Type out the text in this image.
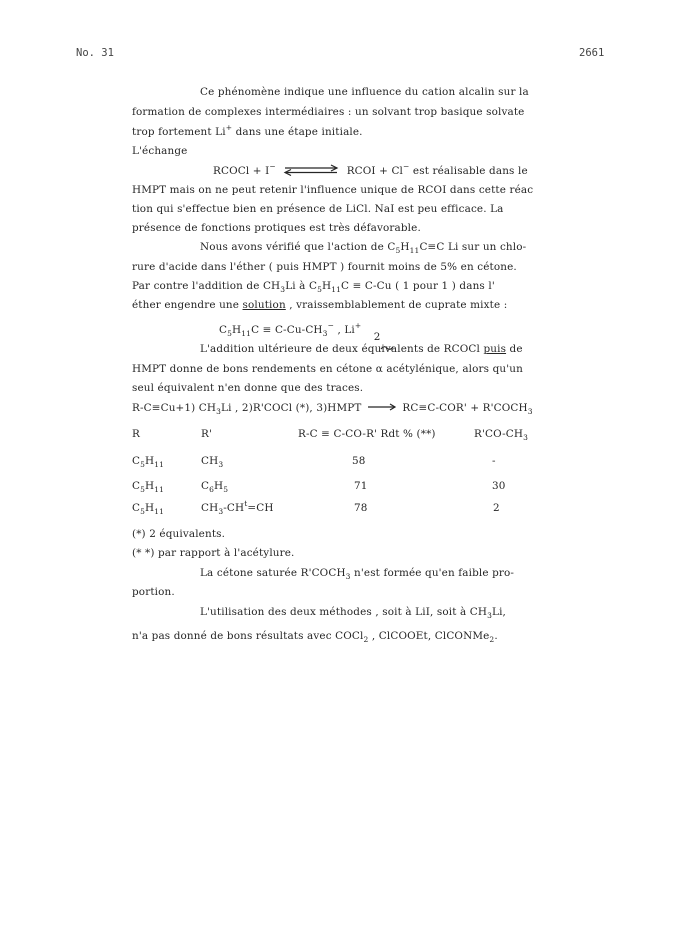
No. 31	2661
Ce phénomène indique une influence du cation alcalin sur la
formation de complexes intermédiaires : un solvant trop basique solvate
trop fortement Li+ dans une étape initiale.
L'échange
RCOCl + I−	RCOI + Cl− est réalisable dans le
HMPT mais on ne peut retenir l'influence unique de RCOI dans cette réac
tion qui s'effectue bien en présence de LiCl. NaI est peu efficace. La
présence de fonctions protiques est très défavorable.
Nous avons vérifié que l'action de $C_5H_{11}C\equiv C$ Li sur un chlo-
rure d'acide dans l'éther ( puis HMPT ) fournit moins de 5% en cétone.
Par contre l'addition de $CH_3Li$ à $C_5H_{11}C \equiv C-Cu$ ( 1 pour 1 ) dans l'
éther engendre une solution , vraissemblablement de cuprate mixte :
$C_5H_{11}C \equiv C-Cu-CH_3^-$ , Li+
2
L'addition ultérieure de deux équivalents de RCOCl puis de
HMPT donne de bons rendements en cétone α acétylénique, alors qu'un
seul équivalent n'en donne que des traces.
R-C≡Cu+1) $CH_3Li$ , 2)R'COCl (*), 3)HMPT → $RC\equiv C-COR' + R'COCH_3$
R	R'	R-C ≡ C-CO-R' Rdt % (**)	$R'CO-CH_3$
$C_5H_{11}$	$CH_3$	58	-
$C_5H_{11}$	$C_6H_5$	71	30
$C_5H_{11}$	$CH_3-CH^t=CH$	78	2
(*) 2 équivalents.
(* *) par rapport à l'acétylure.
La cétone saturée $R'COCH_3$ n'est formée qu'en faible pro-
portion.
L'utilisation des deux méthodes , soit à LiI, soit à $CH_3Li$,
n'a pas donné de bons résultats avec COCl$_2$ , ClCOOEt, ClCONMe$_2$.
